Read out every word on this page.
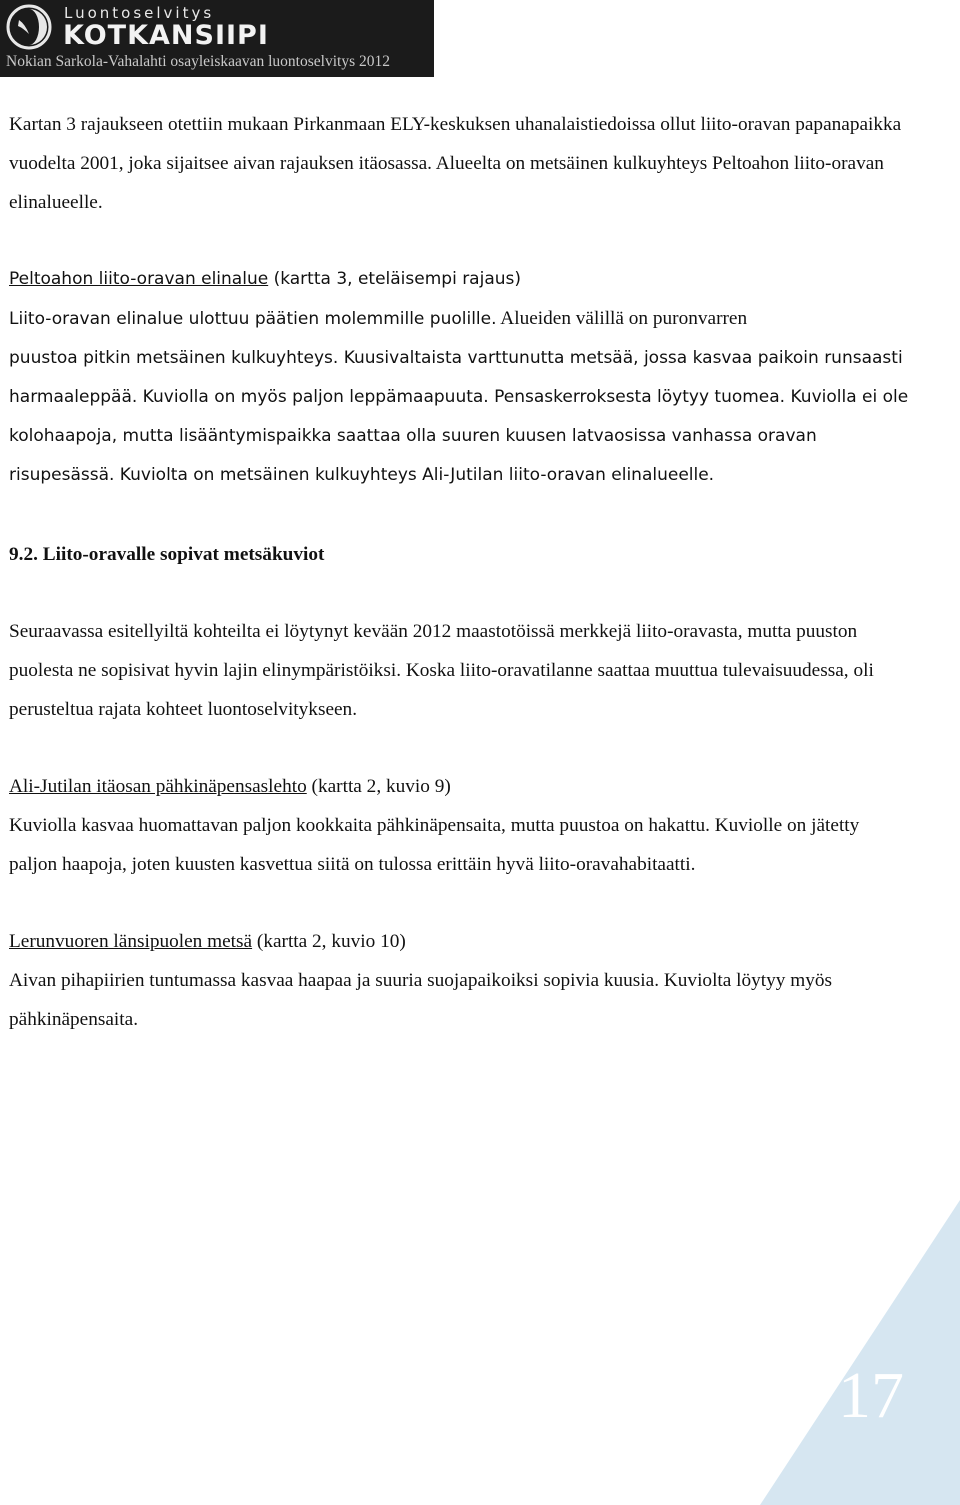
Luontoselvitys
KOTKANSIIPI
Nokian Sarkola-Vahalahti osayleiskaavan luontoselvitys 2012

Kartan 3 rajaukseen otettiin mukaan Pirkanmaan ELY-keskuksen uhanalaistiedoissa ollut liito-oravan papanapaikka vuodelta 2001, joka sijaitsee aivan rajauksen itäosassa. Alueelta on metsäinen kulkuyhteys Peltoahon liito-oravan elinalueelle.

Peltoahon liito-oravan elinalue (kartta 3, eteläisempi rajaus)
Liito-oravan elinalue ulottuu päätien molemmille puolille. Alueiden välillä on puronvarren
puustoa pitkin metsäinen kulkuyhteys. Kuusivaltaista varttunutta metsää, jossa kasvaa paikoin runsaasti harmaaleppää. Kuviolla on myös paljon leppämaapuuta. Pensaskerroksesta löytyy tuomea. Kuviolla ei ole kolohaapoja, mutta lisääntymispaikka saattaa olla suuren kuusen latvaosissa vanhassa oravan risupesässä. Kuviolta on metsäinen kulkuyhteys Ali-Jutilan liito-oravan elinalueelle.

9.2. Liito-oravalle sopivat metsäkuviot

Seuraavassa esitellyiltä kohteilta ei löytynyt kevään 2012 maastotöissä merkkejä liito-oravasta, mutta puuston puolesta ne sopisivat hyvin lajin elinympäristöiksi. Koska liito-oravatilanne saattaa muuttua tulevaisuudessa, oli perusteltua rajata kohteet luontoselvitykseen.

Ali-Jutilan itäosan pähkinäpensaslehto (kartta 2, kuvio 9)
Kuviolla kasvaa huomattavan paljon kookkaita pähkinäpensaita, mutta puustoa on hakattu. Kuviolle on jätetty paljon haapoja, joten kuusten kasvettua siitä on tulossa erittäin hyvä liito-oravahabitaatti.

Lerunvuoren länsipuolen metsä (kartta 2, kuvio 10)
Aivan pihapiirien tuntumassa kasvaa haapaa ja suuria suojapaikoiksi sopivia kuusia. Kuviolta löytyy myös pähkinäpensaita.

17
